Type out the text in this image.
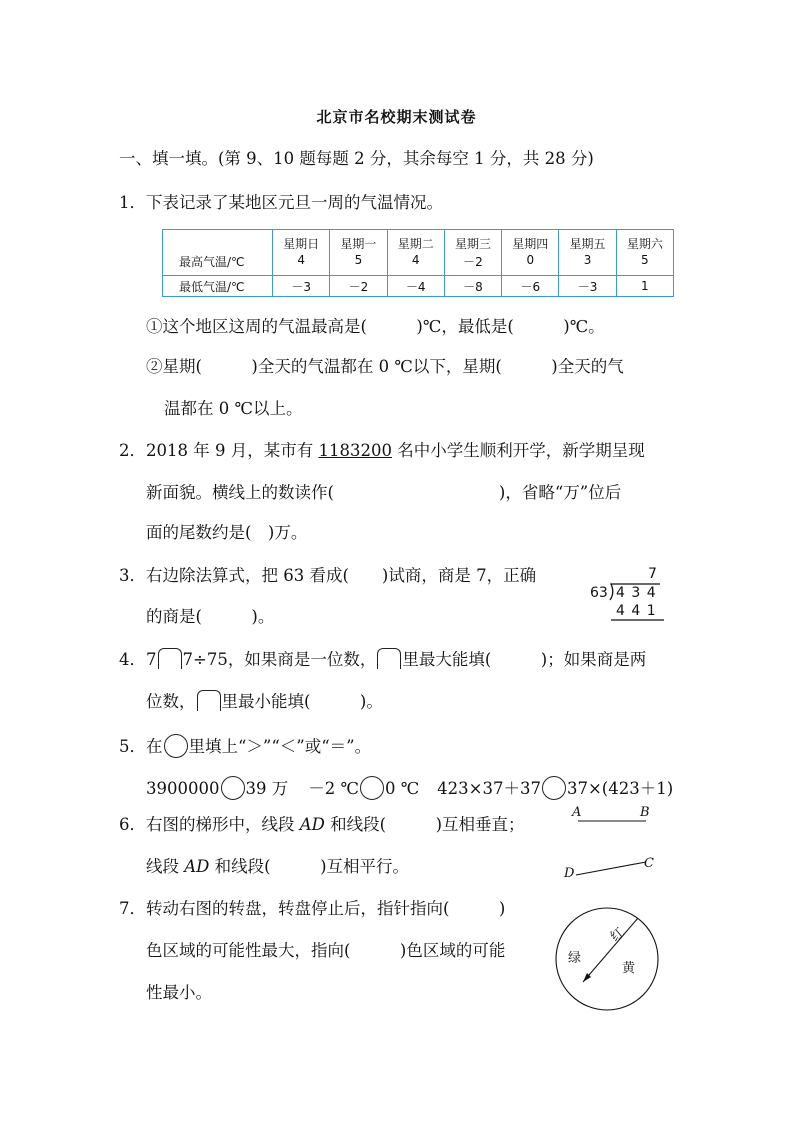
北京市名校期末测试卷
一、填一填。(第 9、10 题每题 2 分，其余每空 1 分，共 28 分)
1．下表记录了某地区元旦一周的气温情况。
	星期日	星期一	星期二	星期三	星期四	星期五	星期六
最高气温/℃	4	5	4	－2	0	3	5
最低气温/℃	－3	－2	－4	－8	－6	－3	1
①这个地区这周的气温最高是(　　　)℃，最低是(　　　)℃。
②星期(　　　)全天的气温都在 0 ℃以下，星期(　　　)全天的气
温都在 0 ℃以上。
2．2018 年 9 月，某市有 1183200 名中小学生顺利开学，新学期呈现
新面貌。横线上的数读作(　　　　　　　　　　)，省略“万”位后
面的尾数约是(　)万。
3．右边除法算式，把 63 看成(　　)试商，商是 7，正确
的商是(　　　)。
7
63 4 3 4
4 4 1
4．7 7÷75，如果商是一位数， 里最大能填(　　　)；如果商是两
位数， 里最小能填(　　　)。
5．在 里填上“＞”“＜”或“＝”。
3900000 39 万 －2 ℃ 0 ℃ 423×37＋37 37×(423＋1)
6．右图的梯形中，线段 AD 和线段(　　　)互相垂直；
线段 AD 和线段(　　　)互相平行。
A	B
C
D
7．转动右图的转盘，转盘停止后，指针指向(　　　)
色区域的可能性最大，指向(　　　)色区域的可能
性最小。
红
绿
黄
